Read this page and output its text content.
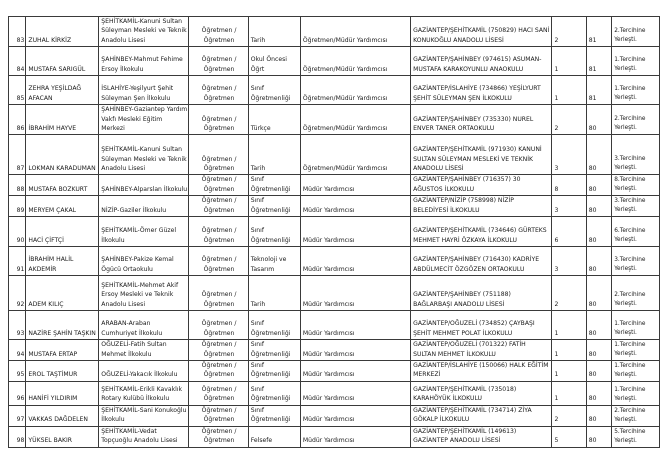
83	ZUHAL KİRKİZ	ŞEHİTKAMİL-Kanuni Sultan Süleyman Mesleki ve Teknik Anadolu Lisesi	Öğretmen / Öğretmen	Tarih	Öğretmen/Müdür Yardımcısı	GAZİANTEP/ŞEHİTKAMİL (750829) HACI SANİ KONUKOĞLU ANADOLU LİSESİ	2	81	2.Tercihine Yerleşti.
84	MUSTAFA SARIGÜL	ŞAHİNBEY-Mahmut Fehime Ersoy İlkokulu	Öğretmen / Öğretmen	Okul Öncesi Öğrt	Öğretmen/Müdür Yardımcısı	GAZİANTEP/ŞAHİNBEY (974615) ASUMAN-MUSTAFA KARAKOYUNLU ANAOKULU	1	81	1.Tercihine Yerleşti.
85	ZEHRA YEŞİLDAĞ AFACAN	İSLAHİYE-Yeşilyurt Şehit Süleyman Şen İlkokulu	Öğretmen / Öğretmen	Sınıf Öğretmenliği	Öğretmen/Müdür Yardımcısı	GAZİANTEP/İSLAHİYE (734866) YEŞİLYURT ŞEHİT SÜLEYMAN ŞEN İLKOKULU	1	81	1.Tercihine Yerleşti.
86	İBRAHİM HAYVE	ŞAHİNBEY-Gaziantep Yardım Vakfı Mesleki Eğitim Merkezi	Öğretmen / Öğretmen	Türkçe	Öğretmen/Müdür Yardımcısı	GAZİANTEP/ŞAHİNBEY (735330) NUREL ENVER TANER ORTAOKULU	2	80	2.Tercihine Yerleşti.
87	LOKMAN KARADUMAN	ŞEHİTKAMİL-Kanuni Sultan Süleyman Mesleki ve Teknik Anadolu Lisesi	Öğretmen / Öğretmen	Tarih	Öğretmen/Müdür Yardımcısı	GAZİANTEP/ŞEHİTKAMİL (971930) KANUNİ SULTAN SÜLEYMAN MESLEKİ VE TEKNİK ANADOLU LİSESİ	3	80	3.Tercihine Yerleşti.
88	MUSTAFA BOZKURT	ŞAHİNBEY-Alparslan İlkokulu	Öğretmen / Öğretmen	Sınıf Öğretmenliği	Müdür Yardımcısı	GAZİANTEP/ŞAHİNBEY (716357) 30 AĞUSTOS İLKOKULU	8	80	8.Tercihine Yerleşti.
89	MERYEM ÇAKAL	NİZİP-Gaziler İlkokulu	Öğretmen / Öğretmen	Sınıf Öğretmenliği	Müdür Yardımcısı	GAZİANTEP/NİZİP (758998) NİZİP BELEDİYESİ İLKOKULU	3	80	3.Tercihine Yerleşti.
90	HACİ ÇİFTÇİ	ŞEHİTKAMİL-Ömer Güzel İlkokulu	Öğretmen / Öğretmen	Sınıf Öğretmenliği	Müdür Yardımcısı	GAZİANTEP/ŞEHİTKAMİL (734646) GÜRTEKS MEHMET HAYRİ ÖZKAYA İLKOKULU	6	80	6.Tercihine Yerleşti.
91	İBRAHİM HALİL AKDEMİR	ŞAHİNBEY-Pakize Kemal Ögücü Ortaokulu	Öğretmen / Öğretmen	Teknoloji ve Tasarım	Müdür Yardımcısı	GAZİANTEP/ŞAHİNBEY (716430) KADRİYE ABDÜLMECİT ÖZGÖZEN ORTAOKULU	3	80	3.Tercihine Yerleşti.
92	ADEM KILIÇ	ŞEHİTKAMİL-Mehmet Akif Ersoy Mesleki ve Teknik Anadolu Lisesi	Öğretmen / Öğretmen	Tarih	Müdür Yardımcısı	GAZİANTEP/ŞAHİNBEY (751188) BAĞLARBAŞI ANADOLU LİSESİ	2	80	2.Tercihine Yerleşti.
93	NAZİRE ŞAHİN TAŞKIN	ARABAN-Araban Cumhuriyet İlkokulu	Öğretmen / Öğretmen	Sınıf Öğretmenliği	Müdür Yardımcısı	GAZİANTEP/OĞUZELİ (734852) ÇAYBAŞI ŞEHİT MEHMET POLAT İLKOKULU	1	80	1.Tercihine Yerleşti.
94	MUSTAFA ERTAP	OĞUZELİ-Fatih Sultan Mehmet İlkokulu	Öğretmen / Öğretmen	Sınıf Öğretmenliği	Müdür Yardımcısı	GAZİANTEP/OĞUZELİ (701322) FATİH SULTAN MEHMET İLKOKULU	1	80	1.Tercihine Yerleşti.
95	EROL TAŞTİMUR	OĞUZELİ-Yakacık İlkokulu	Öğretmen / Öğretmen	Sınıf Öğretmenliği	Müdür Yardımcısı	GAZİANTEP/İSLAHİYE (150066) HALK EĞİTİM MERKEZİ	1	80	1.Tercihine Yerleşti.
96	HANİFİ YILDIRIM	ŞEHİTKAMİL-Erikli Kavaklık Rotary Kulübü İlkokulu	Öğretmen / Öğretmen	Sınıf Öğretmenliği	Müdür Yardımcısı	GAZİANTEP/ŞEHİTKAMİL (735018) KARAHÖYÜK İLKOKULU	1	80	1.Tercihine Yerleşti.
97	VAKKAS DAĞDELEN	ŞEHİTKAMİL-Sani Konukoğlu İlkokulu	Öğretmen / Öğretmen	Sınıf Öğretmenliği	Müdür Yardımcısı	GAZİANTEP/ŞEHİTKAMİL (734714) ZİYA GÖKALP İLKOKULU	2	80	2.Tercihine Yerleşti.
98	YÜKSEL BAKIR	ŞEHİTKAMİL-Vedat Topçuoğlu Anadolu Lisesi	Öğretmen / Öğretmen	Felsefe	Müdür Yardımcısı	GAZİANTEP/ŞEHİTKAMİL (149613) GAZİANTEP ANADOLU LİSESİ	5	80	5.Tercihine Yerleşti.
